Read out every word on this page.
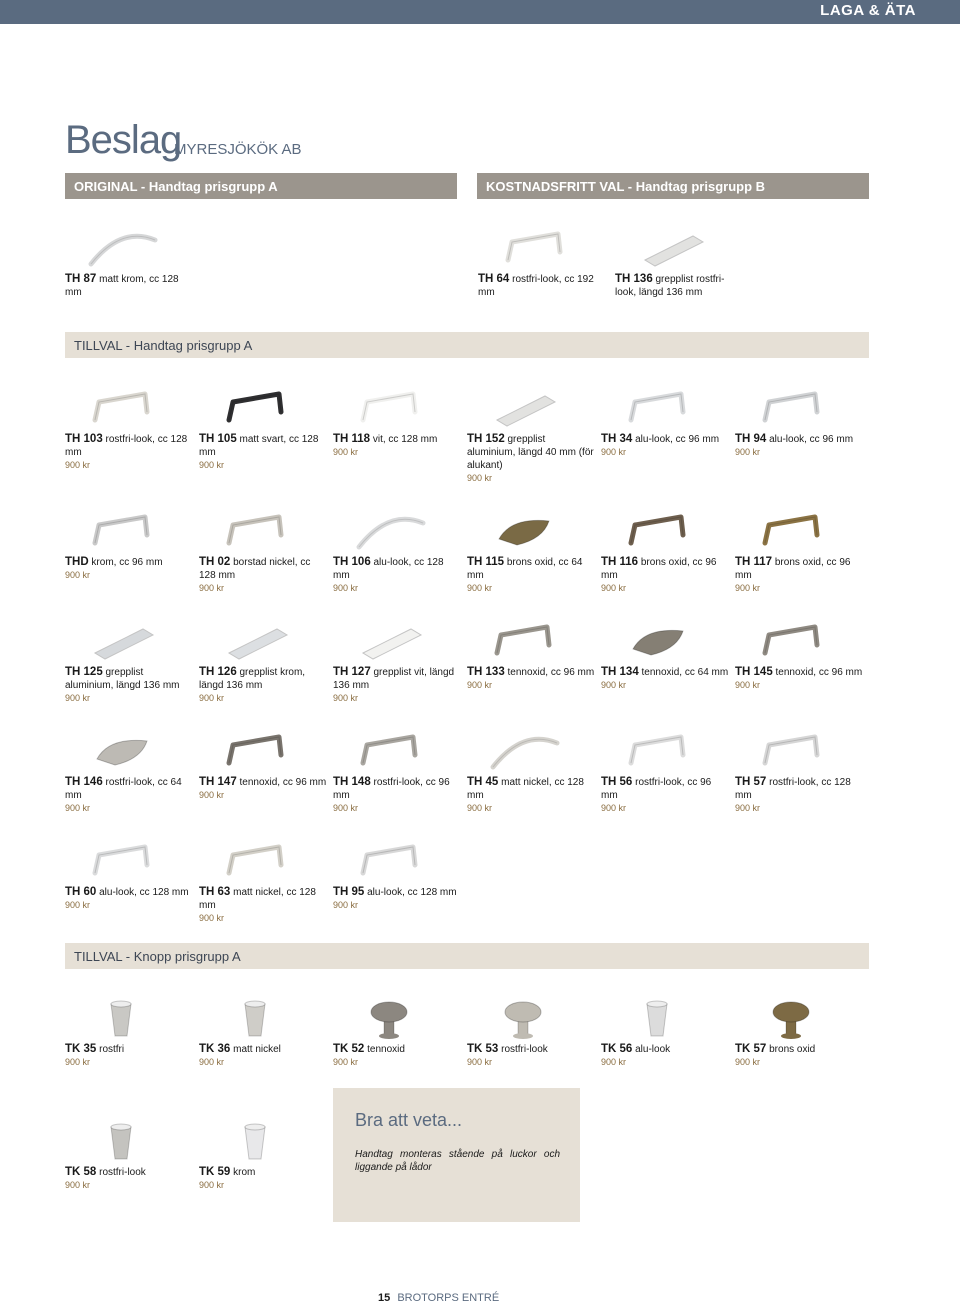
LAGA & ÄTA
Beslag
MYRESJÖKÖK AB
ORIGINAL - Handtag prisgrupp A	KOSTNADSFRITT VAL - Handtag prisgrupp B
TILLVAL - Handtag prisgrupp A
TILLVAL - Knopp prisgrupp A
Bra att veta...
Handtag monteras stående på luckor och liggande på lådor
15 BROTORPS ENTRÉ
TH 87 matt krom, cc 128 mm
TH 64 rostfri-look, cc 192 mm
TH 136 grepplist rostfri-look, längd 136 mm
TH 103 rostfri-look, cc 128 mm
900 kr
TH 105 matt svart, cc 128 mm
900 kr
TH 118 vit, cc 128 mm
900 kr
TH 152 grepplist aluminium, längd 40 mm (för alukant)
900 kr
TH 34 alu-look, cc 96 mm
900 kr
TH 94 alu-look, cc 96 mm
900 kr
THD krom, cc 96 mm
900 kr
TH 02 borstad nickel, cc 128 mm
900 kr
TH 106 alu-look, cc 128 mm
900 kr
TH 115 brons oxid, cc 64 mm
900 kr
TH 116 brons oxid, cc 96 mm
900 kr
TH 117 brons oxid, cc 96 mm
900 kr
TH 125 grepplist aluminium, längd 136 mm
900 kr
TH 126 grepplist krom, längd 136 mm
900 kr
TH 127 grepplist vit, längd 136 mm
900 kr
TH 133 tennoxid, cc 96 mm
900 kr
TH 134 tennoxid, cc 64 mm
900 kr
TH 145 tennoxid, cc 96 mm
900 kr
TH 146 rostfri-look, cc 64 mm
900 kr
TH 147 tennoxid, cc 96 mm
900 kr
TH 148 rostfri-look, cc 96 mm
900 kr
TH 45 matt nickel, cc 128 mm
900 kr
TH 56 rostfri-look, cc 96 mm
900 kr
TH 57 rostfri-look, cc 128 mm
900 kr
TH 60 alu-look, cc 128 mm
900 kr
TH 63 matt nickel, cc 128 mm
900 kr
TH 95 alu-look, cc 128 mm
900 kr
TK 35 rostfri
900 kr
TK 36 matt nickel
900 kr
TK 52 tennoxid
900 kr
TK 53 rostfri-look
900 kr
TK 56 alu-look
900 kr
TK 57 brons oxid
900 kr
TK 58 rostfri-look
900 kr
TK 59 krom
900 kr
